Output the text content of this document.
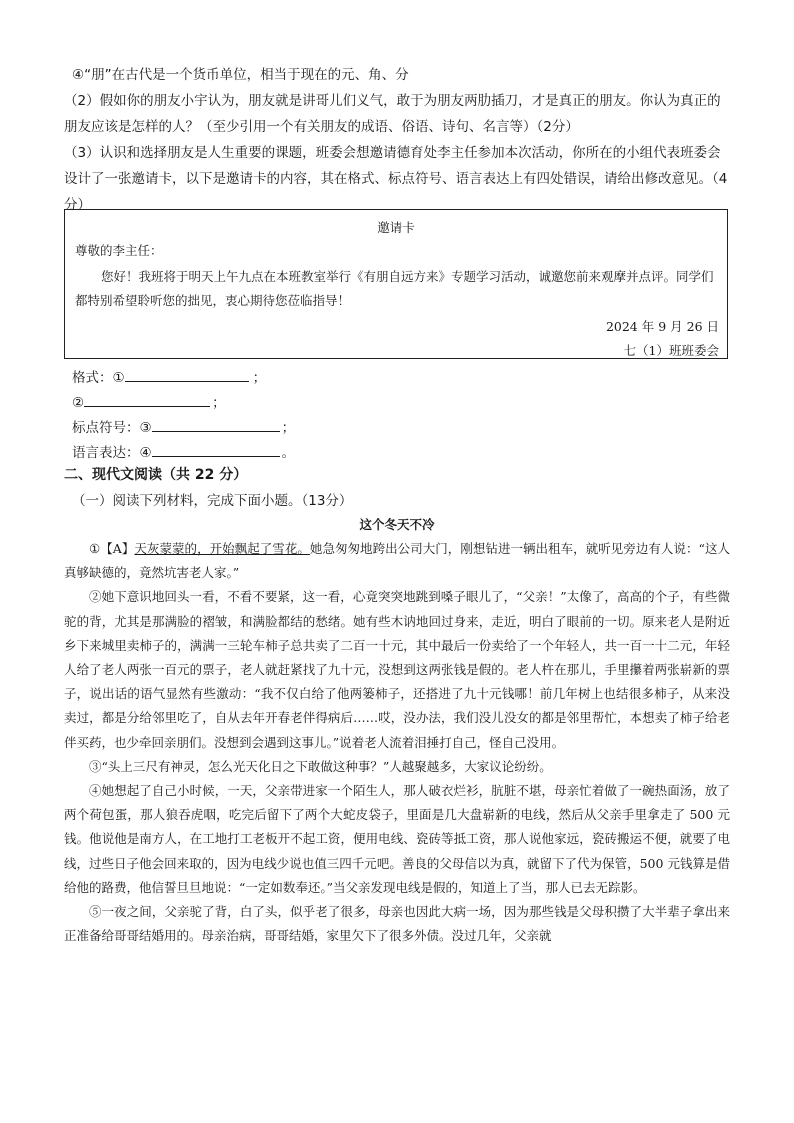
④“朋”在古代是一个货币单位，相当于现在的元、角、分

（2）假如你的朋友小宇认为，朋友就是讲哥儿们义气，敢于为朋友两肋插刀，才是真正的朋友。你认为真正的朋友应该是怎样的人？（至少引用一个有关朋友的成语、俗语、诗句、名言等）（2分）

（3）认识和选择朋友是人生重要的课题，班委会想邀请德育处李主任参加本次活动，你所在的小组代表班委会设计了一张邀请卡，以下是邀请卡的内容，其在格式、标点符号、语言表达上有四处错误，请给出修改意见。（4分）

邀请卡
尊敬的李主任：
您好！我班将于明天上午九点在本班教室举行《有朋自远方来》专题学习活动，诚邀您前来观摩并点评。同学们都特别希望聆听您的拙见，衷心期待您莅临指导！
2024 年 9 月 26 日
七（1）班班委会
格式：①	；
②	；
标点符号：③	；
语言表达：④	。
二、现代文阅读（共 22 分）
（一）阅读下列材料，完成下面小题。（13分）
这个冬天不冷

①【A】天灰蒙蒙的，开始飘起了雪花。她急匆匆地跨出公司大门，刚想钻进一辆出租车，就听见旁边有人说：“这人真够缺德的，竟然坑害老人家。”

②她下意识地回头一看，不看不要紧，这一看，心竟突突地跳到嗓子眼儿了，“父亲！”太像了，高高的个子，有些微驼的背，尤其是那满脸的褶皱，和满脸都结的愁绪。她有些木讷地回过身来，走近，明白了眼前的一切。原来老人是附近乡下来城里卖柿子的，满满一三轮车柿子总共卖了二百一十元，其中最后一份卖给了一个年轻人，共一百一十二元，年轻人给了老人两张一百元的票子，老人就赶紧找了九十元，没想到这两张钱是假的。老人杵在那儿，手里攥着两张崭新的票子，说出话的语气显然有些激动：“我不仅白给了他两篓柿子，还搭进了九十元钱哪！前几年树上也结很多柿子，从来没卖过，都是分给邻里吃了，自从去年开春老伴得病后……哎，没办法，我们没儿没女的都是邻里帮忙，本想卖了柿子给老伴买药，也少牵回亲朋们。没想到会遇到这事儿。”说着老人流着泪捶打自己，怪自己没用。

③“头上三尺有神灵，怎么光天化日之下敢做这种事？”人越聚越多，大家议论纷纷。

④她想起了自己小时候，一天，父亲带进家一个陌生人，那人破衣烂衫，肮脏不堪，母亲忙着做了一碗热面汤，放了两个荷包蛋，那人狼吞虎咽，吃完后留下了两个大蛇皮袋子，里面是几大盘崭新的电线，然后从父亲手里拿走了 500 元钱。他说他是南方人，在工地打工老板开不起工资，便用电线、瓷砖等抵工资，那人说他家远，瓷砖搬运不便，就要了电线，过些日子他会回来取的，因为电线少说也值三四千元吧。善良的父母信以为真，就留下了代为保管，500 元钱算是借给他的路费，他信誓旦旦地说：“一定如数奉还。”当父亲发现电线是假的，知道上了当，那人已去无踪影。

⑤一夜之间，父亲驼了背，白了头，似乎老了很多，母亲也因此大病一场，因为那些钱是父母积攒了大半辈子拿出来正准备给哥哥结婚用的。母亲治病，哥哥结婚，家里欠下了很多外债。没过几年，父亲就
